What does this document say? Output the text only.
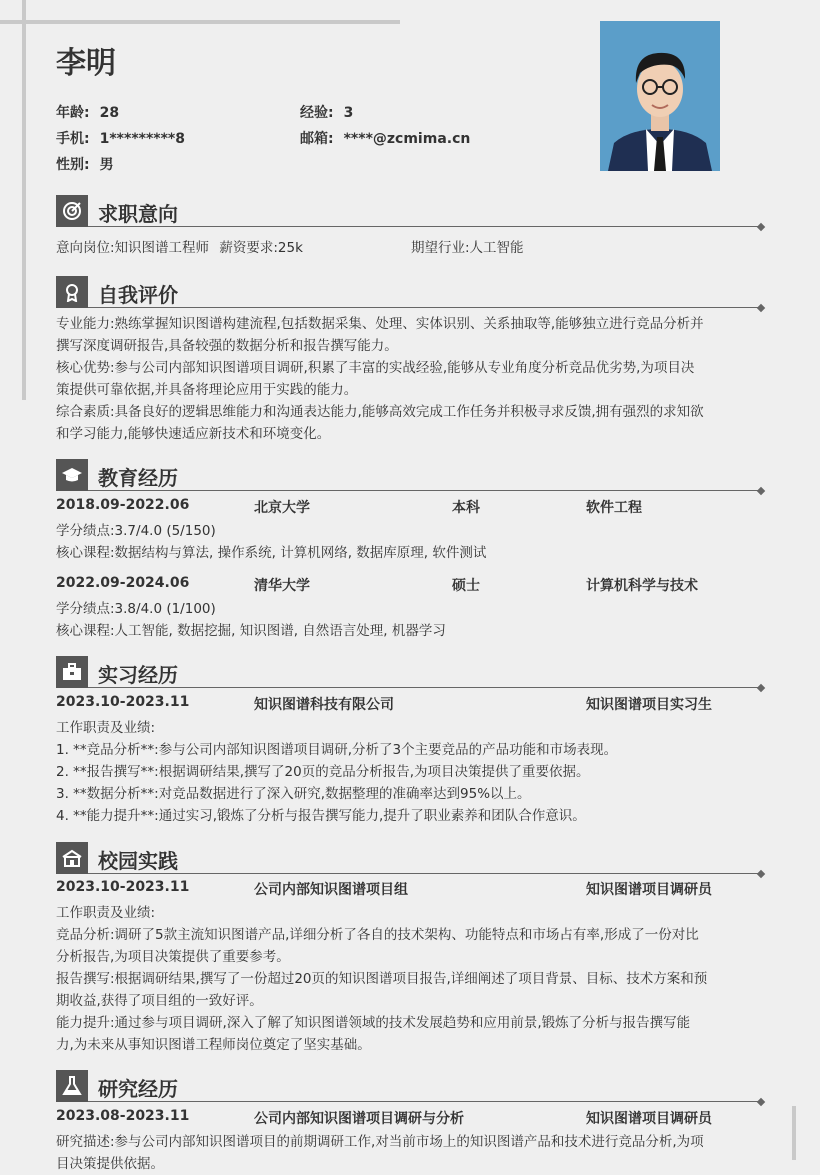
李明
年龄: 28	经验: 3
手机: 1*********8	邮箱: ****@zcmima.cn
性别: 男
求职意向
意向岗位:知识图谱工程师 薪资要求:25k	期望行业:人工智能
自我评价

专业能力:熟练掌握知识图谱构建流程,包括数据采集、处理、实体识别、关系抽取等,能够独立进行竞品分析并

撰写深度调研报告,具备较强的数据分析和报告撰写能力。

核心优势:参与公司内部知识图谱项目调研,积累了丰富的实战经验,能够从专业角度分析竞品优劣势,为项目决

策提供可靠依据,并具备将理论应用于实践的能力。

综合素质:具备良好的逻辑思维能力和沟通表达能力,能够高效完成工作任务并积极寻求反馈,拥有强烈的求知欲

和学习能力,能够快速适应新技术和环境变化。

教育经历
2018.09-2022.06	北京大学	本科	软件工程

学分绩点:3.7/4.0 (5/150)

核心课程:数据结构与算法, 操作系统, 计算机网络, 数据库原理, 软件测试

2022.09-2024.06	清华大学	硕士	计算机科学与技术

学分绩点:3.8/4.0 (1/100)

核心课程:人工智能, 数据挖掘, 知识图谱, 自然语言处理, 机器学习

实习经历
2023.10-2023.11	知识图谱科技有限公司	知识图谱项目实习生

工作职责及业绩:

1. **竞品分析**:参与公司内部知识图谱项目调研,分析了3个主要竞品的产品功能和市场表现。

2. **报告撰写**:根据调研结果,撰写了20页的竞品分析报告,为项目决策提供了重要依据。

3. **数据分析**:对竞品数据进行了深入研究,数据整理的准确率达到95%以上。

4. **能力提升**:通过实习,锻炼了分析与报告撰写能力,提升了职业素养和团队合作意识。

校园实践
2023.10-2023.11	公司内部知识图谱项目组	知识图谱项目调研员

工作职责及业绩:

竞品分析:调研了5款主流知识图谱产品,详细分析了各自的技术架构、功能特点和市场占有率,形成了一份对比

分析报告,为项目决策提供了重要参考。

报告撰写:根据调研结果,撰写了一份超过20页的知识图谱项目报告,详细阐述了项目背景、目标、技术方案和预

期收益,获得了项目组的一致好评。

能力提升:通过参与项目调研,深入了解了知识图谱领域的技术发展趋势和应用前景,锻炼了分析与报告撰写能

力,为未来从事知识图谱工程师岗位奠定了坚实基础。

研究经历
2023.08-2023.11	公司内部知识图谱项目调研与分析	知识图谱项目调研员

研究描述:参与公司内部知识图谱项目的前期调研工作,对当前市场上的知识图谱产品和技术进行竞品分析,为项

目决策提供依据。
